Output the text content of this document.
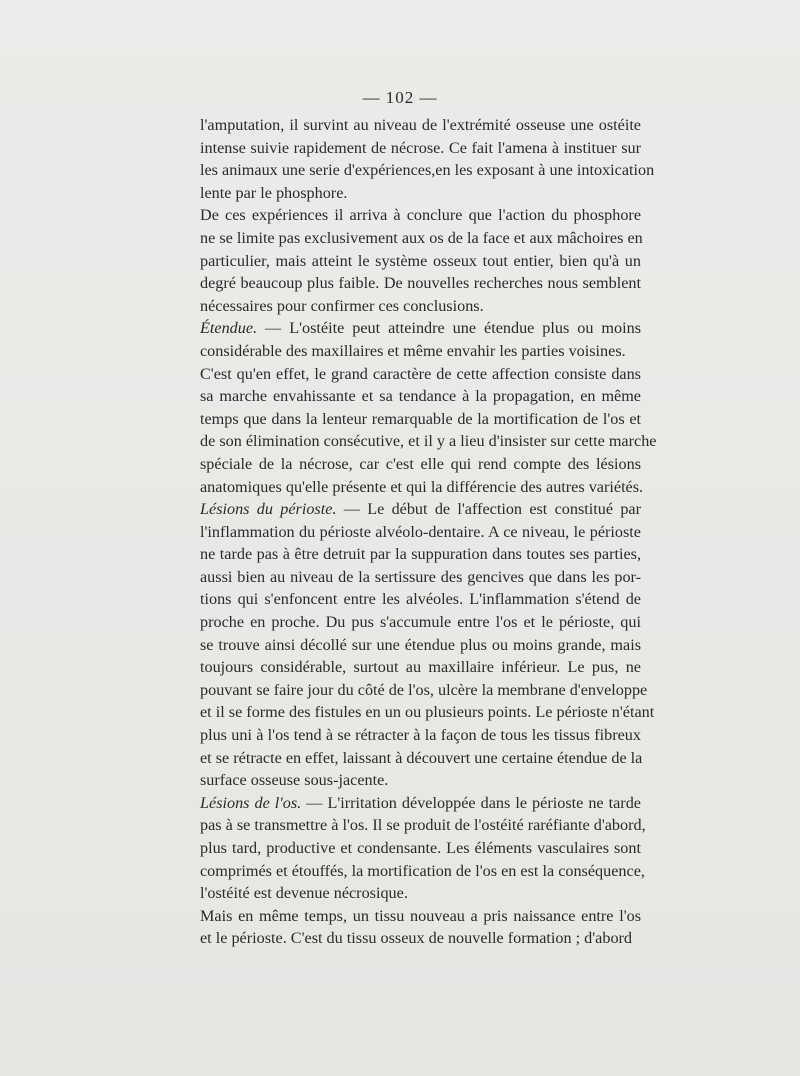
— 102 —
l'amputation, il survint au niveau de l'extrémité osseuse une ostéite
intense suivie rapidement de nécrose. Ce fait l'amena à instituer sur
les animaux une serie d'expériences,en les exposant à une intoxication
lente par le phosphore.
De ces expériences il arriva à conclure que l'action du phosphore
ne se limite pas exclusivement aux os de la face et aux mâchoires en
particulier, mais atteint le système osseux tout entier, bien qu'à un
degré beaucoup plus faible. De nouvelles recherches nous semblent
nécessaires pour confirmer ces conclusions.
Étendue. — L'ostéite peut atteindre une étendue plus ou moins
considérable des maxillaires et même envahir les parties voisines.
C'est qu'en effet, le grand caractère de cette affection consiste dans
sa marche envahissante et sa tendance à la propagation, en même
temps que dans la lenteur remarquable de la mortification de l'os et
de son élimination consécutive, et il y a lieu d'insister sur cette marche
spéciale de la nécrose, car c'est elle qui rend compte des lésions
anatomiques qu'elle présente et qui la différencie des autres variétés.
Lésions du périoste. — Le début de l'affection est constitué par
l'inflammation du périoste alvéolo-dentaire. A ce niveau, le périoste
ne tarde pas à être detruit par la suppuration dans toutes ses parties,
aussi bien au niveau de la sertissure des gencives que dans les por-
tions qui s'enfoncent entre les alvéoles. L'inflammation s'étend de
proche en proche. Du pus s'accumule entre l'os et le périoste, qui
se trouve ainsi décollé sur une étendue plus ou moins grande, mais
toujours considérable, surtout au maxillaire inférieur. Le pus, ne
pouvant se faire jour du côté de l'os, ulcère la membrane d'enveloppe
et il se forme des fistules en un ou plusieurs points. Le périoste n'étant
plus uni à l'os tend à se rétracter à la façon de tous les tissus fibreux
et se rétracte en effet, laissant à découvert une certaine étendue de la
surface osseuse sous-jacente.
Lésions de l'os. — L'irritation développée dans le périoste ne tarde
pas à se transmettre à l'os. Il se produit de l'ostéité raréfiante d'abord,
plus tard, productive et condensante. Les éléments vasculaires sont
comprimés et étouffés, la mortification de l'os en est la conséquence,
l'ostéité est devenue nécrosique.
Mais en même temps, un tissu nouveau a pris naissance entre l'os
et le périoste. C'est du tissu osseux de nouvelle formation ; d'abord
